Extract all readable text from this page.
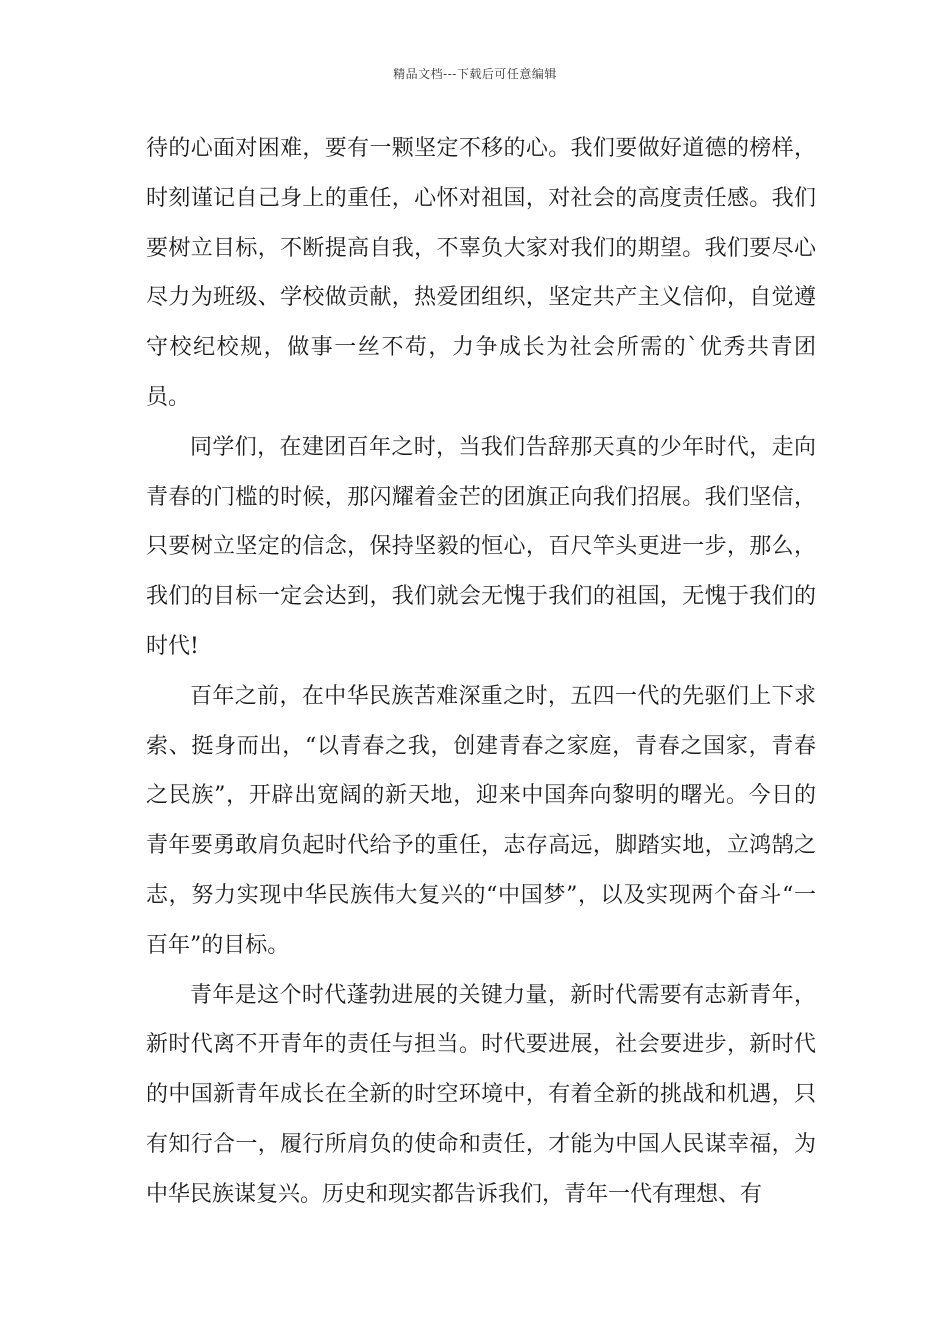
精品文档---下载后可任意编辑

待的心面对困难，要有一颗坚定不移的心。我们要做好道德的榜样，时刻谨记自己身上的重任，心怀对祖国，对社会的高度责任感。我们要树立目标，不断提高自我，不辜负大家对我们的期望。我们要尽心尽力为班级、学校做贡献，热爱团组织，坚定共产主义信仰，自觉遵守校纪校规，做事一丝不苟，力争成长为社会所需的`优秀共青团员。

同学们，在建团百年之时，当我们告辞那天真的少年时代，走向青春的门槛的时候，那闪耀着金芒的团旗正向我们招展。我们坚信，只要树立坚定的信念，保持坚毅的恒心，百尺竿头更进一步，那么，我们的目标一定会达到，我们就会无愧于我们的祖国，无愧于我们的时代!

百年之前，在中华民族苦难深重之时，五四一代的先驱们上下求索、挺身而出，“以青春之我，创建青春之家庭，青春之国家，青春之民族”，开辟出宽阔的新天地，迎来中国奔向黎明的曙光。今日的青年要勇敢肩负起时代给予的重任，志存高远，脚踏实地，立鸿鹄之志，努力实现中华民族伟大复兴的“中国梦”，以及实现两个奋斗“一百年”的目标。

青年是这个时代蓬勃进展的关键力量，新时代需要有志新青年，新时代离不开青年的责任与担当。时代要进展，社会要进步，新时代的中国新青年成长在全新的时空环境中，有着全新的挑战和机遇，只有知行合一，履行所肩负的使命和责任，才能为中国人民谋幸福，为中华民族谋复兴。历史和现实都告诉我们，青年一代有理想、有
